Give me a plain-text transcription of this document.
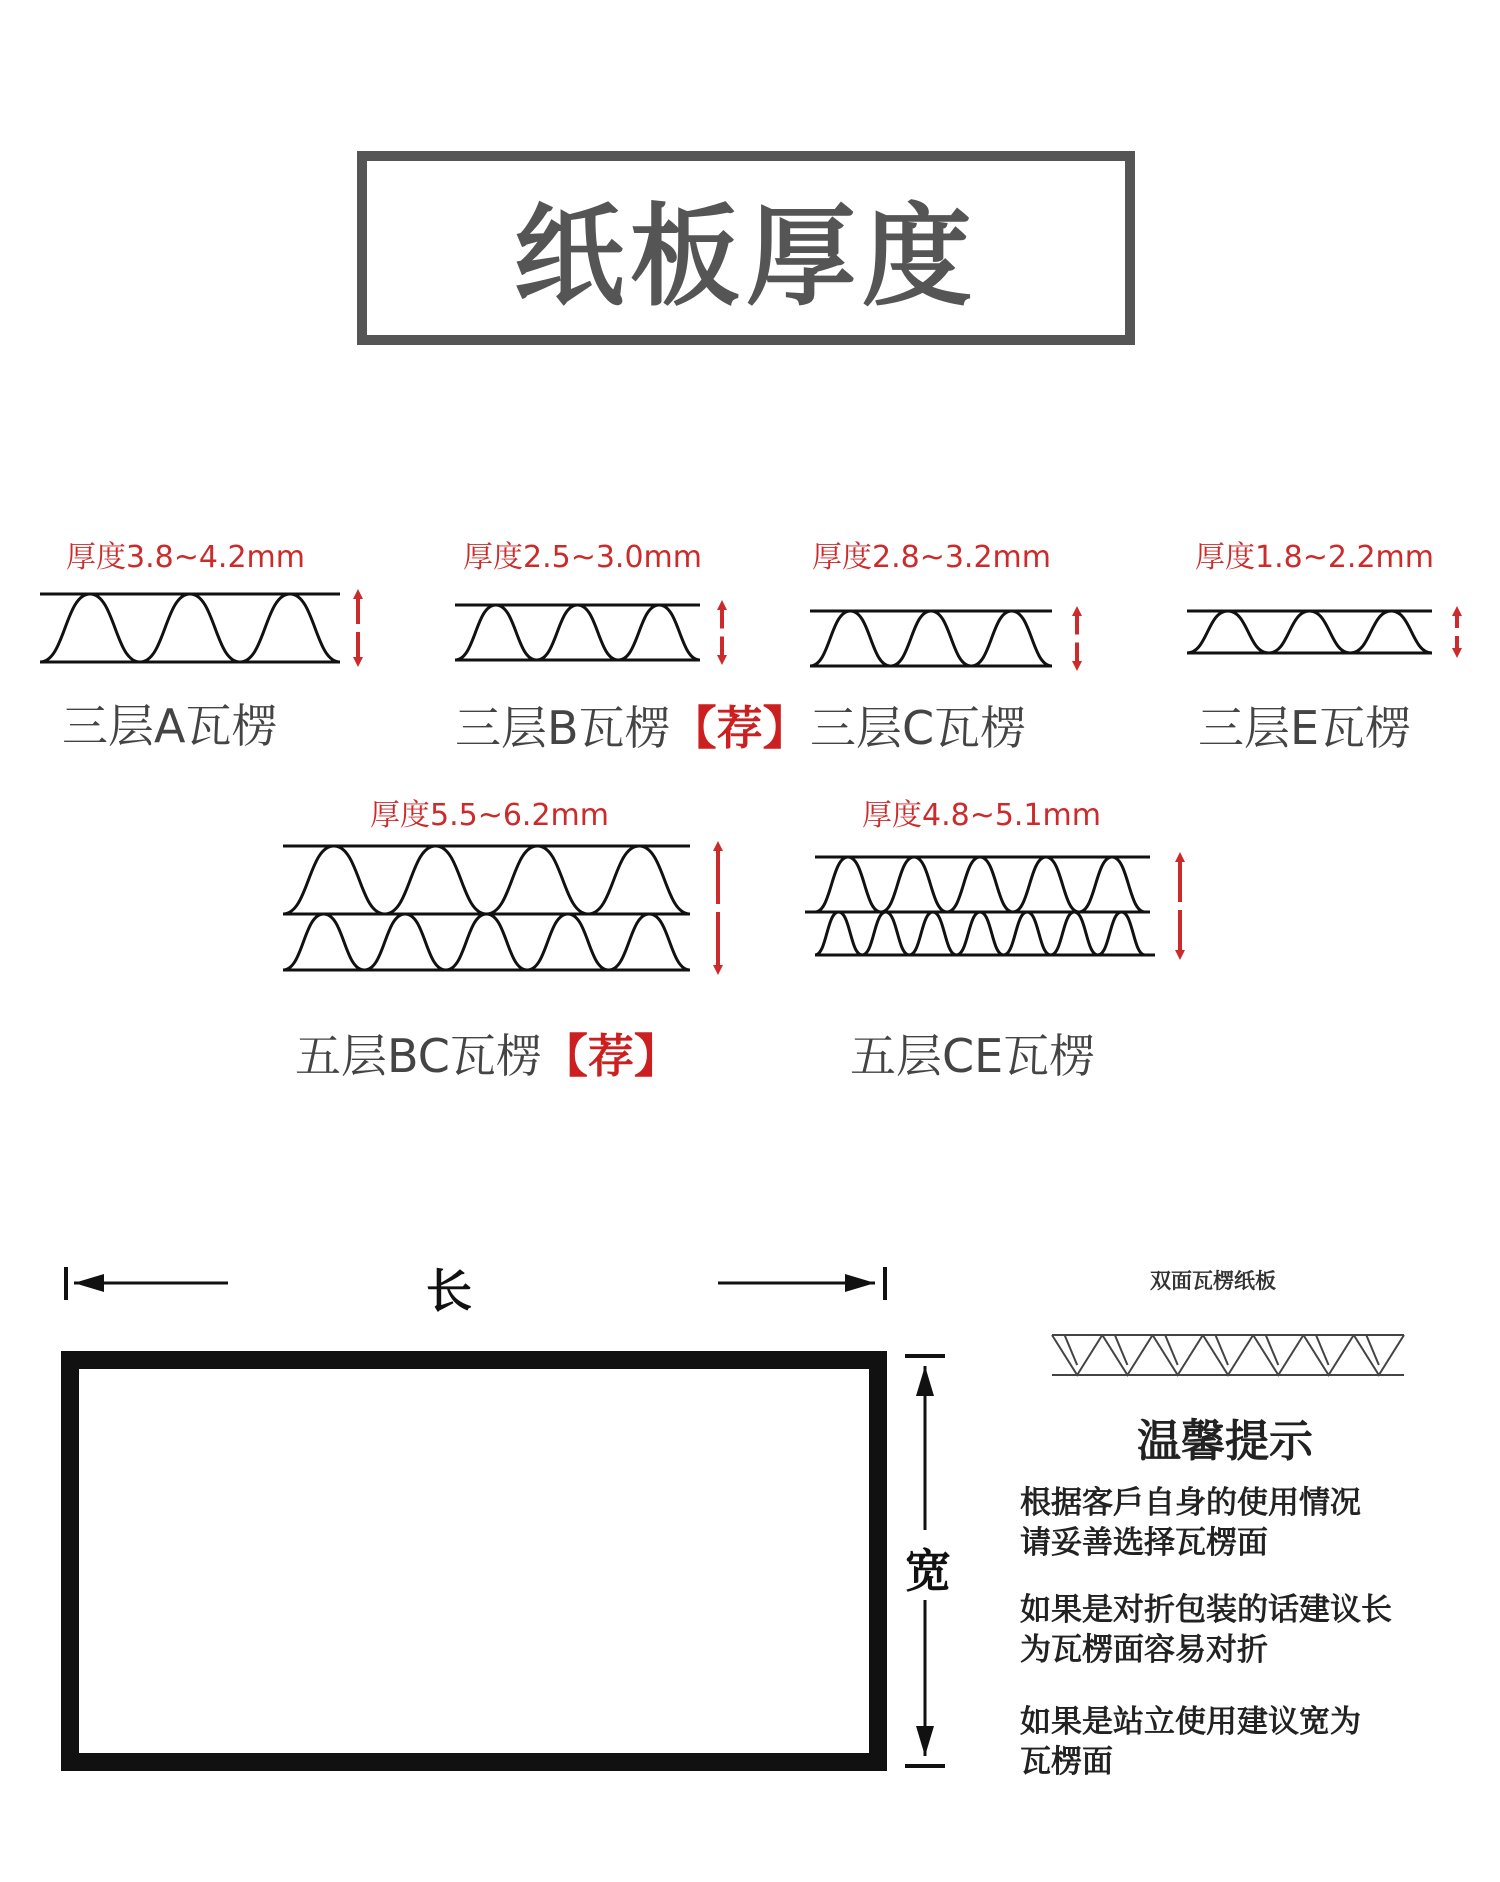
纸板厚度
厚度3.8~4.2mm	厚度2.5~3.0mm	厚度2.8~3.2mm	厚度1.8~2.2mm
厚度5.5~6.2mm	厚度4.8~5.1mm
三层A瓦楞	三层B瓦楞【荐】 三层C瓦楞	三层E瓦楞
五层BC瓦楞【荐】	五层CE瓦楞
长
宽
双面瓦楞纸板
温馨提示
根据客戶自身的使用情况
请妥善选择瓦楞面
如果是对折包装的话建议长
为瓦楞面容易对折
如果是站立使用建议宽为
瓦楞面
